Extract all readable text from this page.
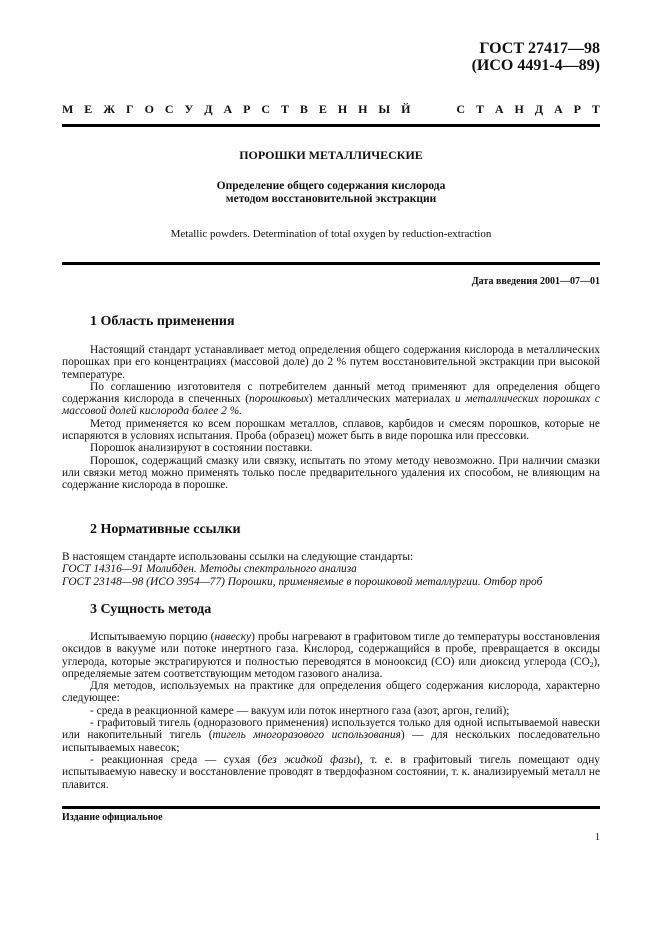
ГОСТ 27417—98
(ИСО 4491-4—89)
М Е Ж Г О С У Д А Р С Т В Е Н Н Ы Й	С Т А Н Д А Р Т
ПОРОШКИ МЕТАЛЛИЧЕСКИЕ
Определение общего содержания кислорода
методом восстановительной экстракции
Metallic powders. Determination of total oxygen by reduction-extraction
Дата введения 2001—07—01
1 Область применения

Настоящий стандарт устанавливает метод определения общего содержания кислорода в металлических порошках при его концентрациях (массовой доле) до 2 % путем восстановительной экстракции при высокой температуре.

По соглашению изготовителя с потребителем данный метод применяют для определения общего содержания кислорода в спеченных (порошковых) металлических материалах и металлических порошках с массовой долей кислорода более 2 %.

Метод применяется ко всем порошкам металлов, сплавов, карбидов и смесям порошков, которые не испаряются в условиях испытания. Проба (образец) может быть в виде порошка или прессовки.

Порошок анализируют в состоянии поставки.

Порошок, содержащий смазку или связку, испытать по этому методу невозможно. При наличии смазки или связки метод можно применять только после предварительного удаления их способом, не влияющим на содержание кислорода в порошке.

2 Нормативные ссылки

В настоящем стандарте использованы ссылки на следующие стандарты:

ГОСТ 14316—91 Молибден. Методы спектрального анализа

ГОСТ 23148—98 (ИСО 3954—77) Порошки, применяемые в порошковой металлургии. Отбор проб

3 Сущность метода

Испытываемую порцию (навеску) пробы нагревают в графитовом тигле до температуры восстановления оксидов в вакууме или потоке инертного газа. Кислород, содержащийся в пробе, превращается в оксиды углерода, которые экстрагируются и полностью переводятся в монооксид (СО) или диоксид углерода $(СО_2)$, определяемые затем соответствующим методом газового анализа.

Для методов, используемых на практике для определения общего содержания кислорода, характерно следующее:

- среда в реакционной камере — вакуум или поток инертного газа (азот, аргон, гелий);

- графитовый тигель (одноразового применения) используется только для одной испытываемой навески или накопительный тигель (тигель многоразового использования) — для нескольких последовательно испытываемых навесок;

- реакционная среда — сухая (без жидкой фазы), т. е. в графитовый тигель помещают одну испытываемую навеску и восстановление проводят в твердофазном состоянии, т. к. анализируемый металл не плавится.

Издание официальное
1
